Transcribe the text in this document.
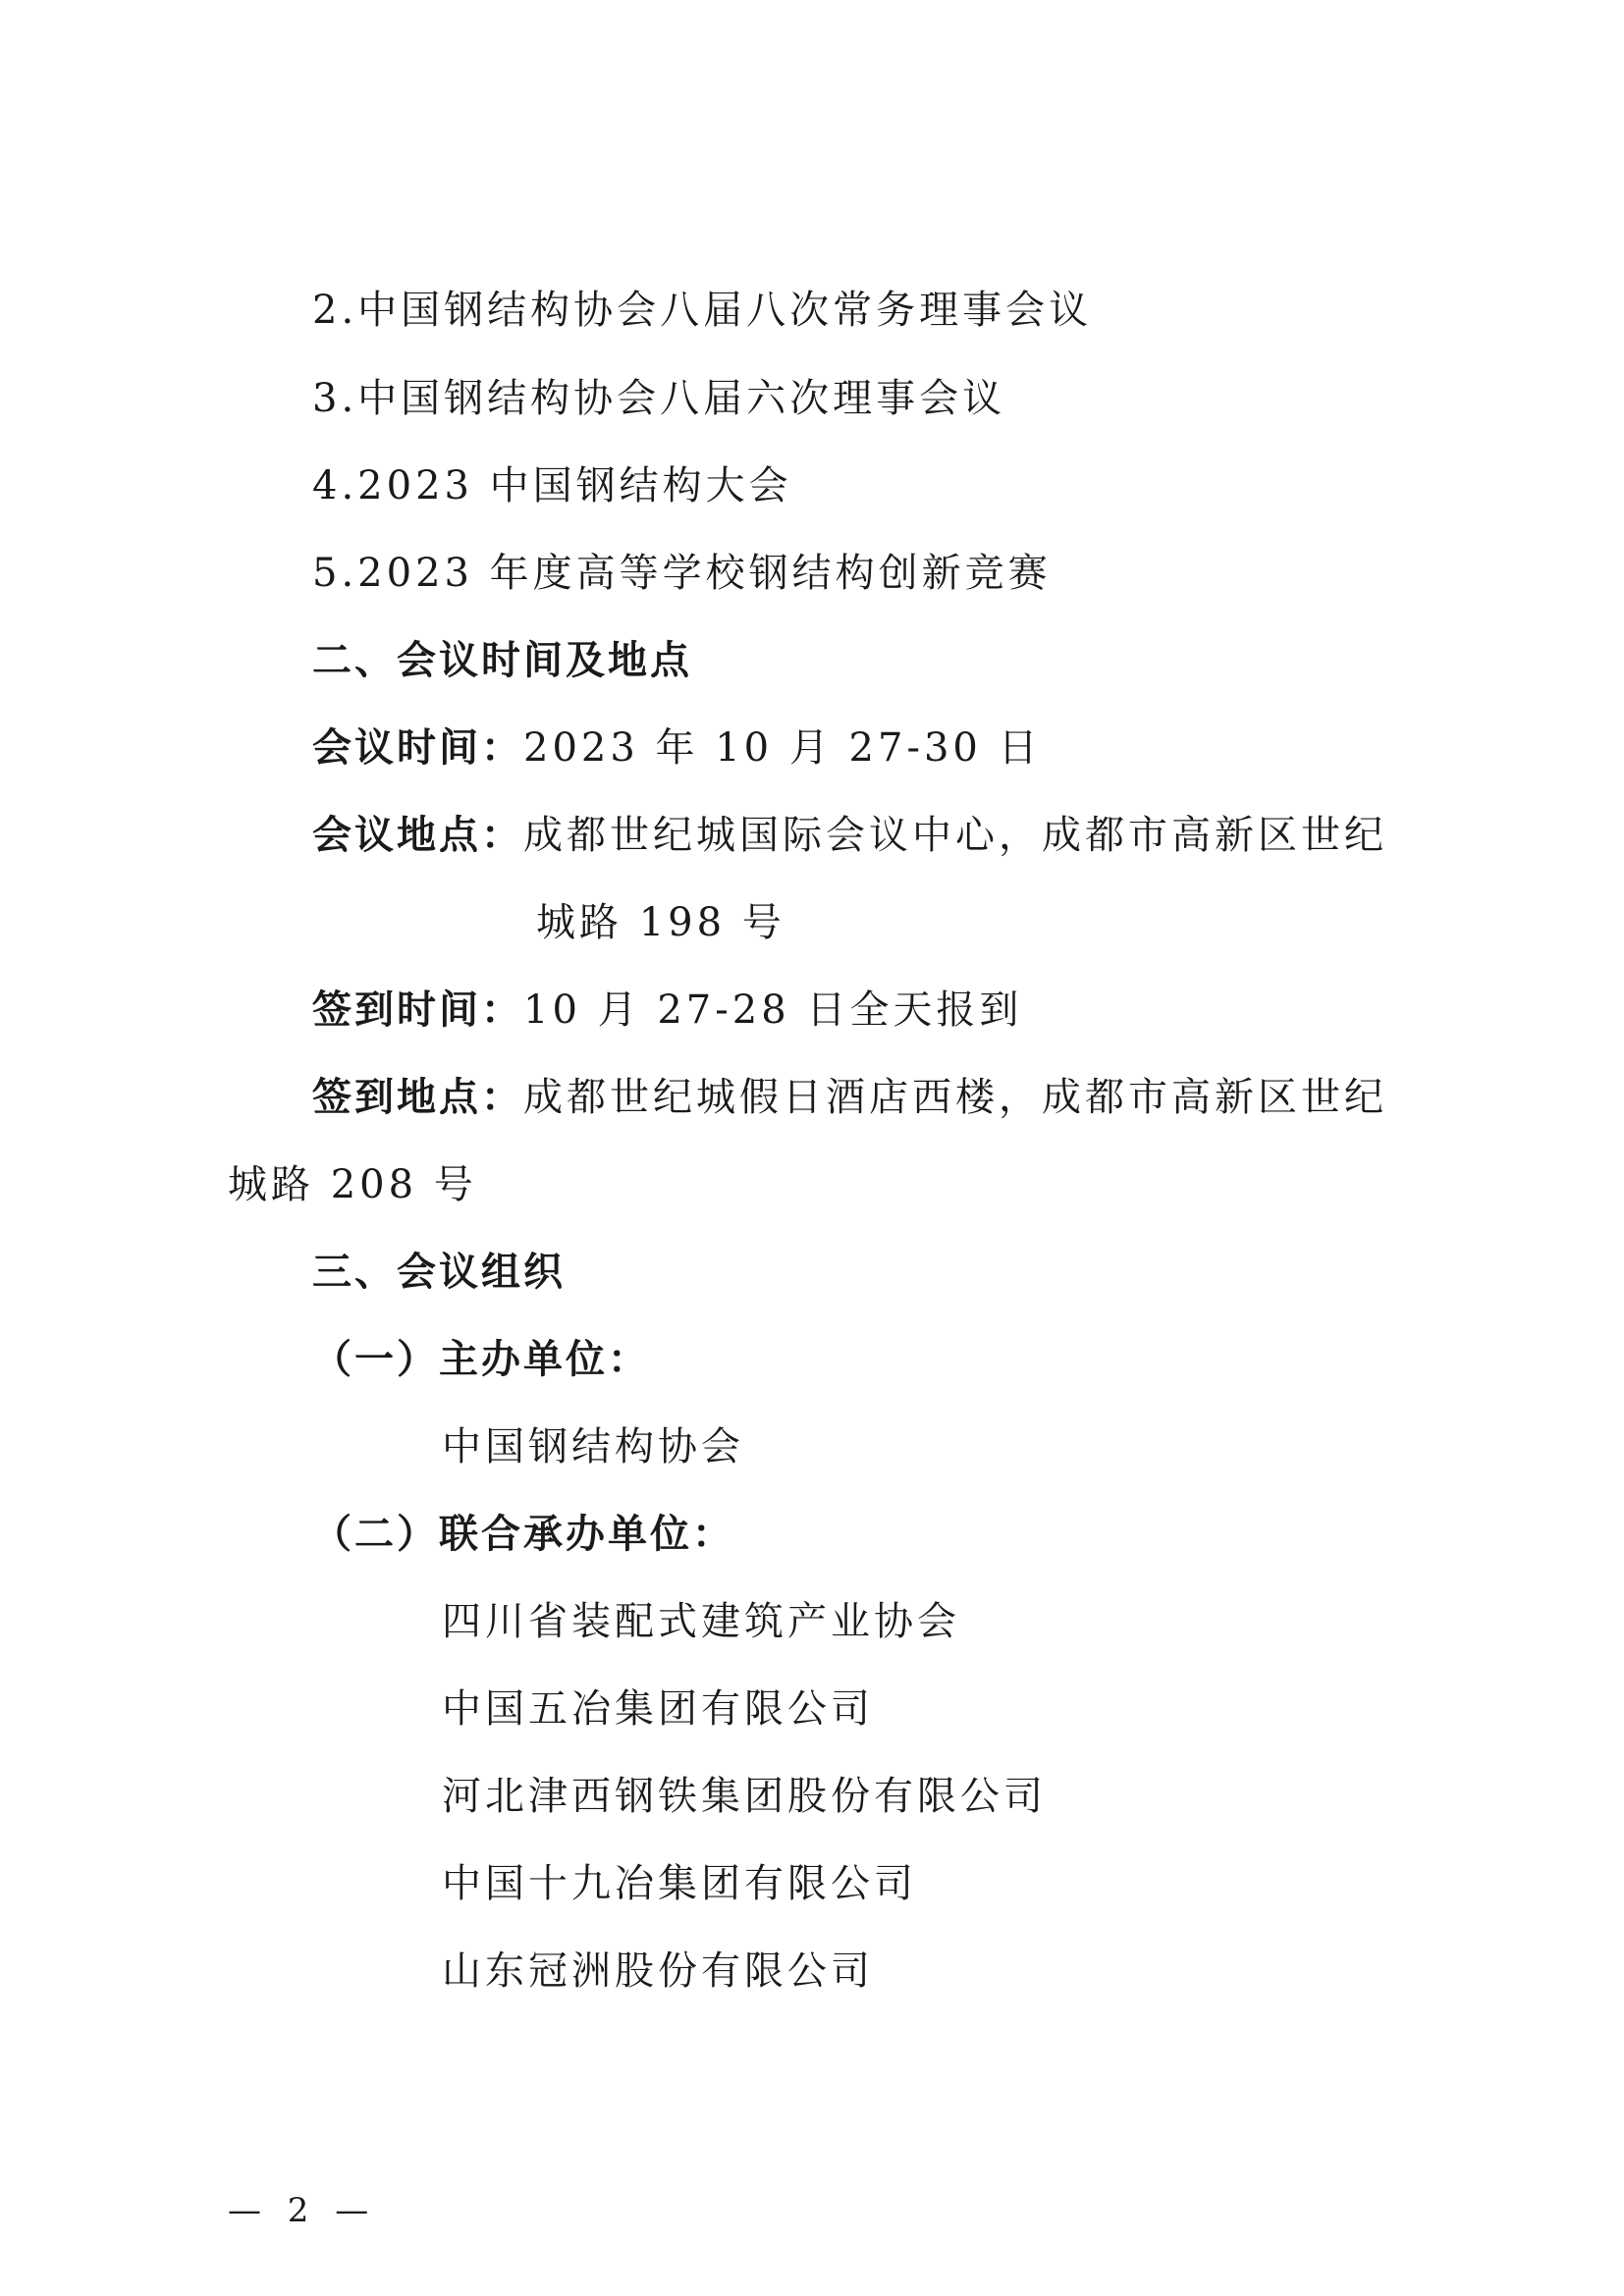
2.中国钢结构协会八届八次常务理事会议
3.中国钢结构协会八届六次理事会议
4.2023 中国钢结构大会
5.2023 年度高等学校钢结构创新竞赛
二、会议时间及地点
会议时间：2023 年 10 月 27-30 日
会议地点：成都世纪城国际会议中心，成都市高新区世纪
城路 198 号
签到时间：10 月 27-28 日全天报到
签到地点：成都世纪城假日酒店西楼，成都市高新区世纪
城路 208 号
三、会议组织
（一）主办单位：
中国钢结构协会
（二）联合承办单位：
四川省装配式建筑产业协会
中国五冶集团有限公司
河北津西钢铁集团股份有限公司
中国十九冶集团有限公司
山东冠洲股份有限公司
— 2 —
